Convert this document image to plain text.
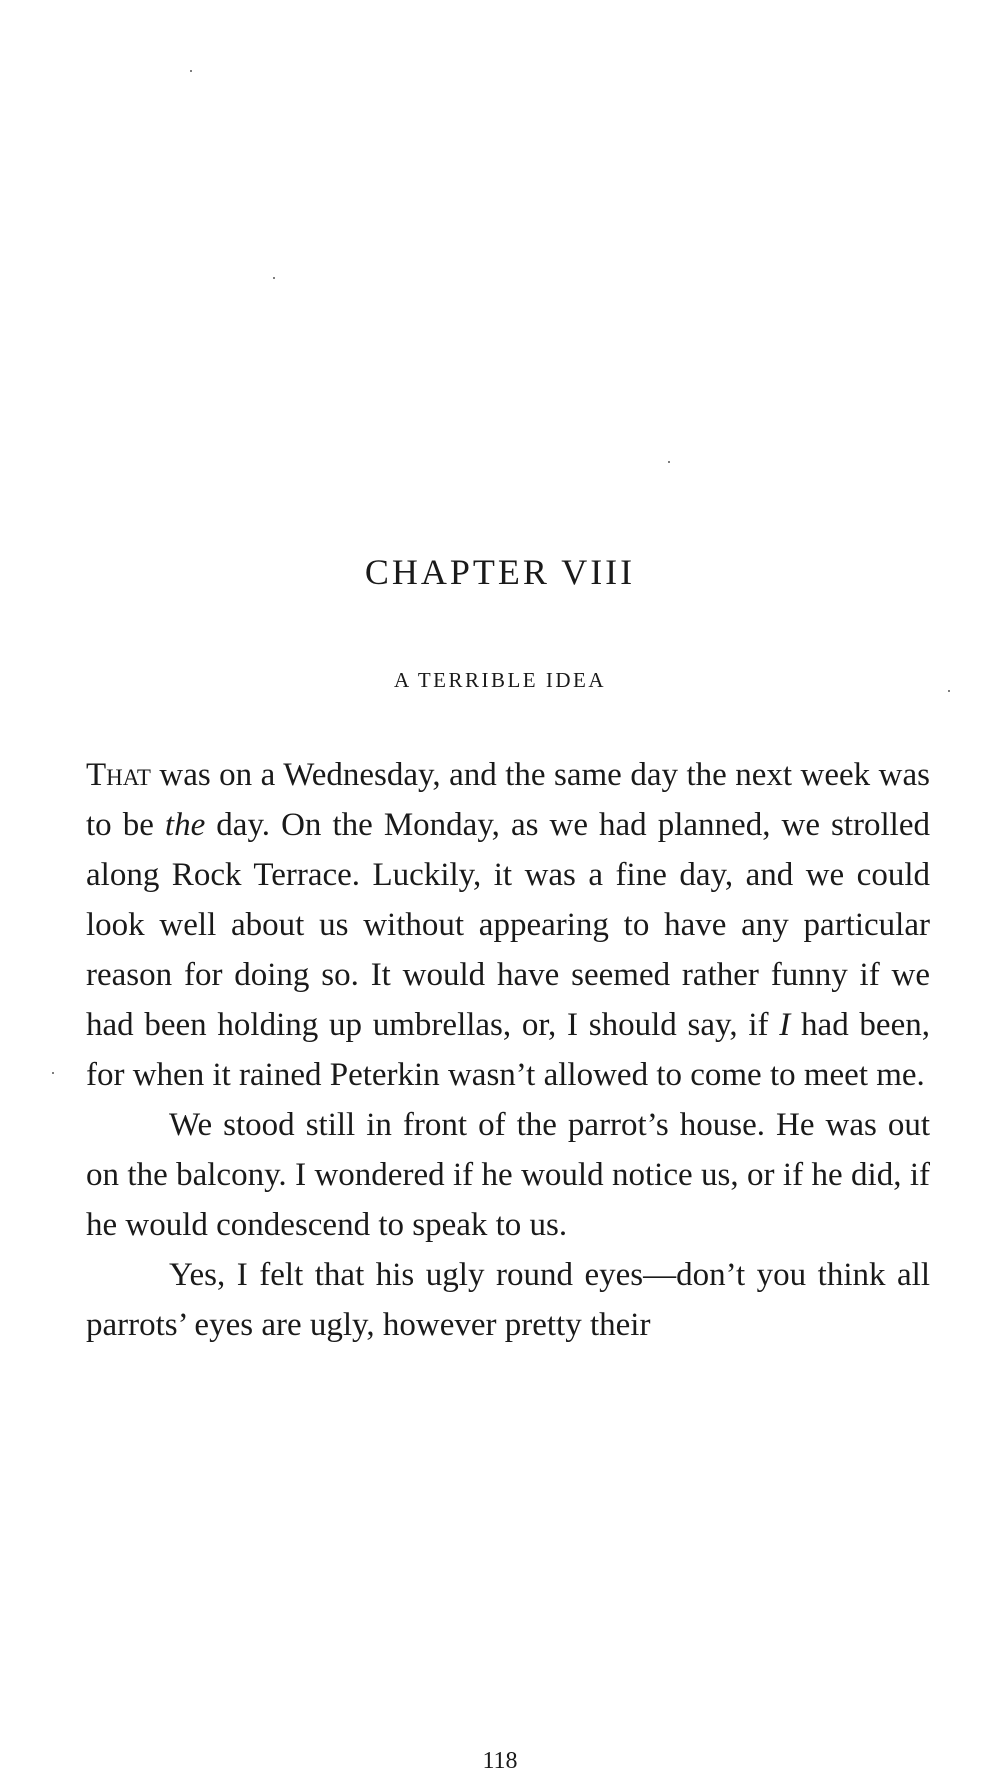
CHAPTER VIII
A TERRIBLE IDEA

That was on a Wednesday, and the same day the next week was to be the day. On the Monday, as we had planned, we strolled along Rock Terrace. Luckily, it was a fine day, and we could look well about us without appearing to have any particular reason for doing so. It would have seemed rather funny if we had been holding up umbrellas, or, I should say, if I had been, for when it rained Peterkin wasn’t allowed to come to meet me.

We stood still in front of the parrot’s house. He was out on the balcony. I wondered if he would notice us, or if he did, if he would condescend to speak to us.

Yes, I felt that his ugly round eyes—don’t you think all parrots’ eyes are ugly, however pretty their

118
